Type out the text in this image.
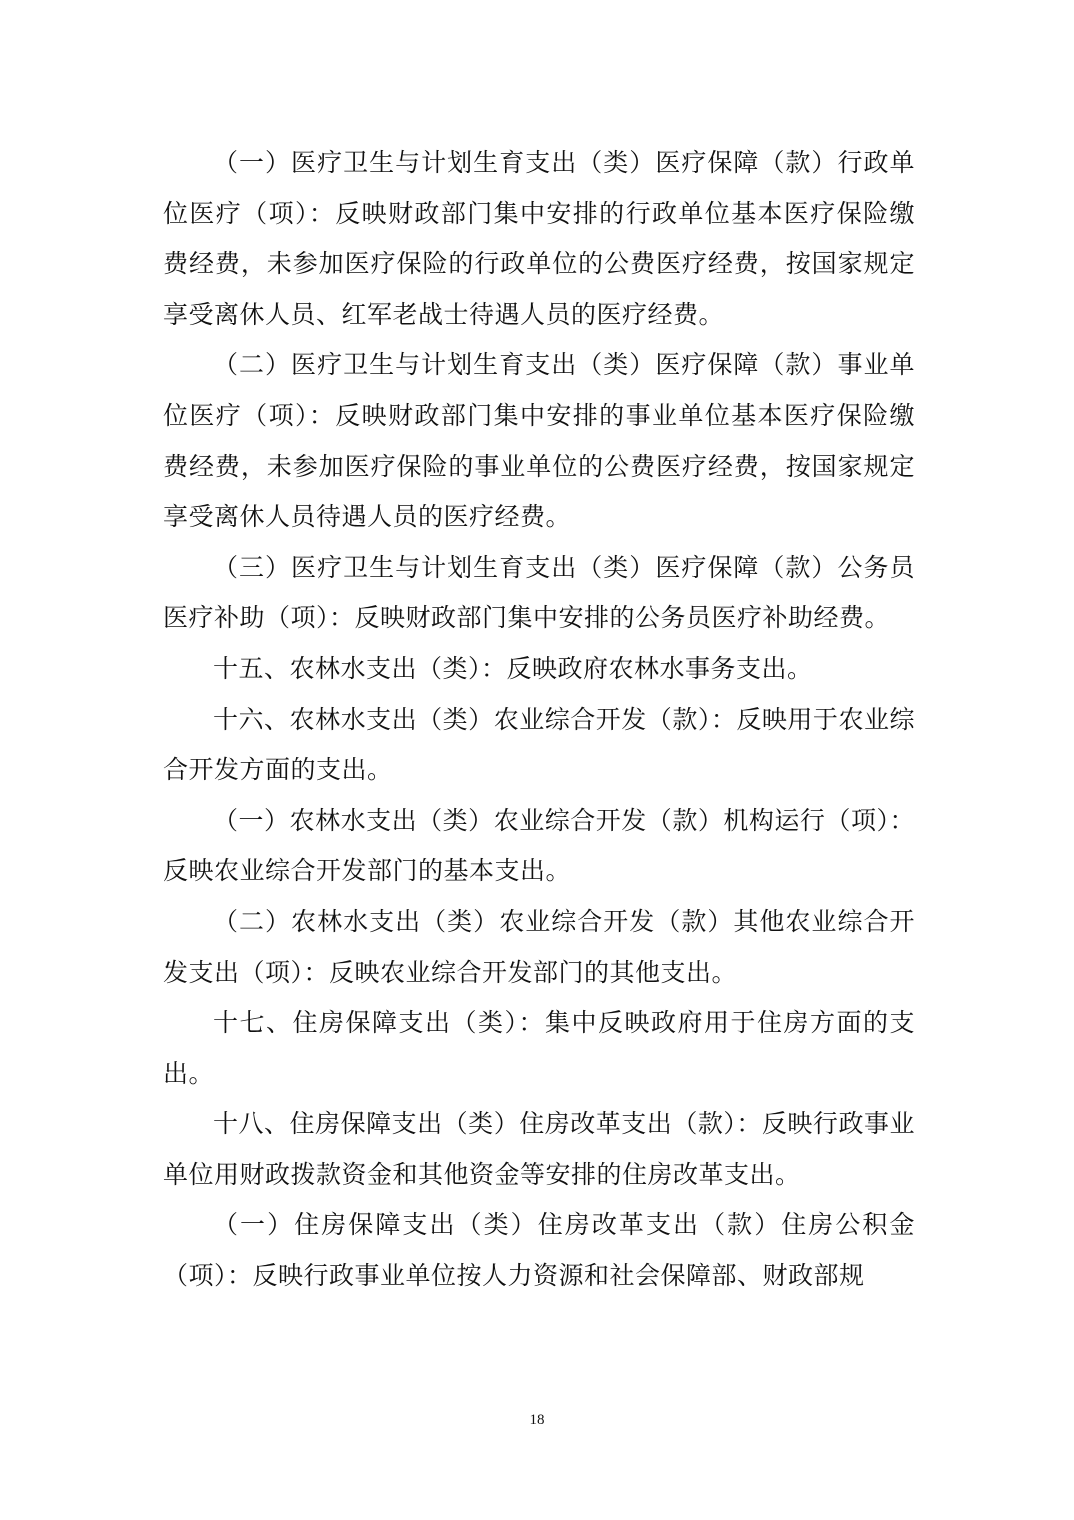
（一）医疗卫生与计划生育支出（类）医疗保障（款）行政单位医疗（项）：反映财政部门集中安排的行政单位基本医疗保险缴费经费，未参加医疗保险的行政单位的公费医疗经费，按国家规定享受离休人员、红军老战士待遇人员的医疗经费。

（二）医疗卫生与计划生育支出（类）医疗保障（款）事业单位医疗（项）：反映财政部门集中安排的事业单位基本医疗保险缴费经费，未参加医疗保险的事业单位的公费医疗经费，按国家规定享受离休人员待遇人员的医疗经费。

（三）医疗卫生与计划生育支出（类）医疗保障（款）公务员医疗补助（项）：反映财政部门集中安排的公务员医疗补助经费。

十五、农林水支出（类）：反映政府农林水事务支出。

十六、农林水支出（类）农业综合开发（款）：反映用于农业综合开发方面的支出。

（一）农林水支出（类）农业综合开发（款）机构运行（项）：反映农业综合开发部门的基本支出。

（二）农林水支出（类）农业综合开发（款）其他农业综合开发支出（项）：反映农业综合开发部门的其他支出。

十七、住房保障支出（类）：集中反映政府用于住房方面的支出。

十八、住房保障支出（类）住房改革支出（款）：反映行政事业单位用财政拨款资金和其他资金等安排的住房改革支出。

（一）住房保障支出（类）住房改革支出（款）住房公积金（项）：反映行政事业单位按人力资源和社会保障部、财政部规

18
